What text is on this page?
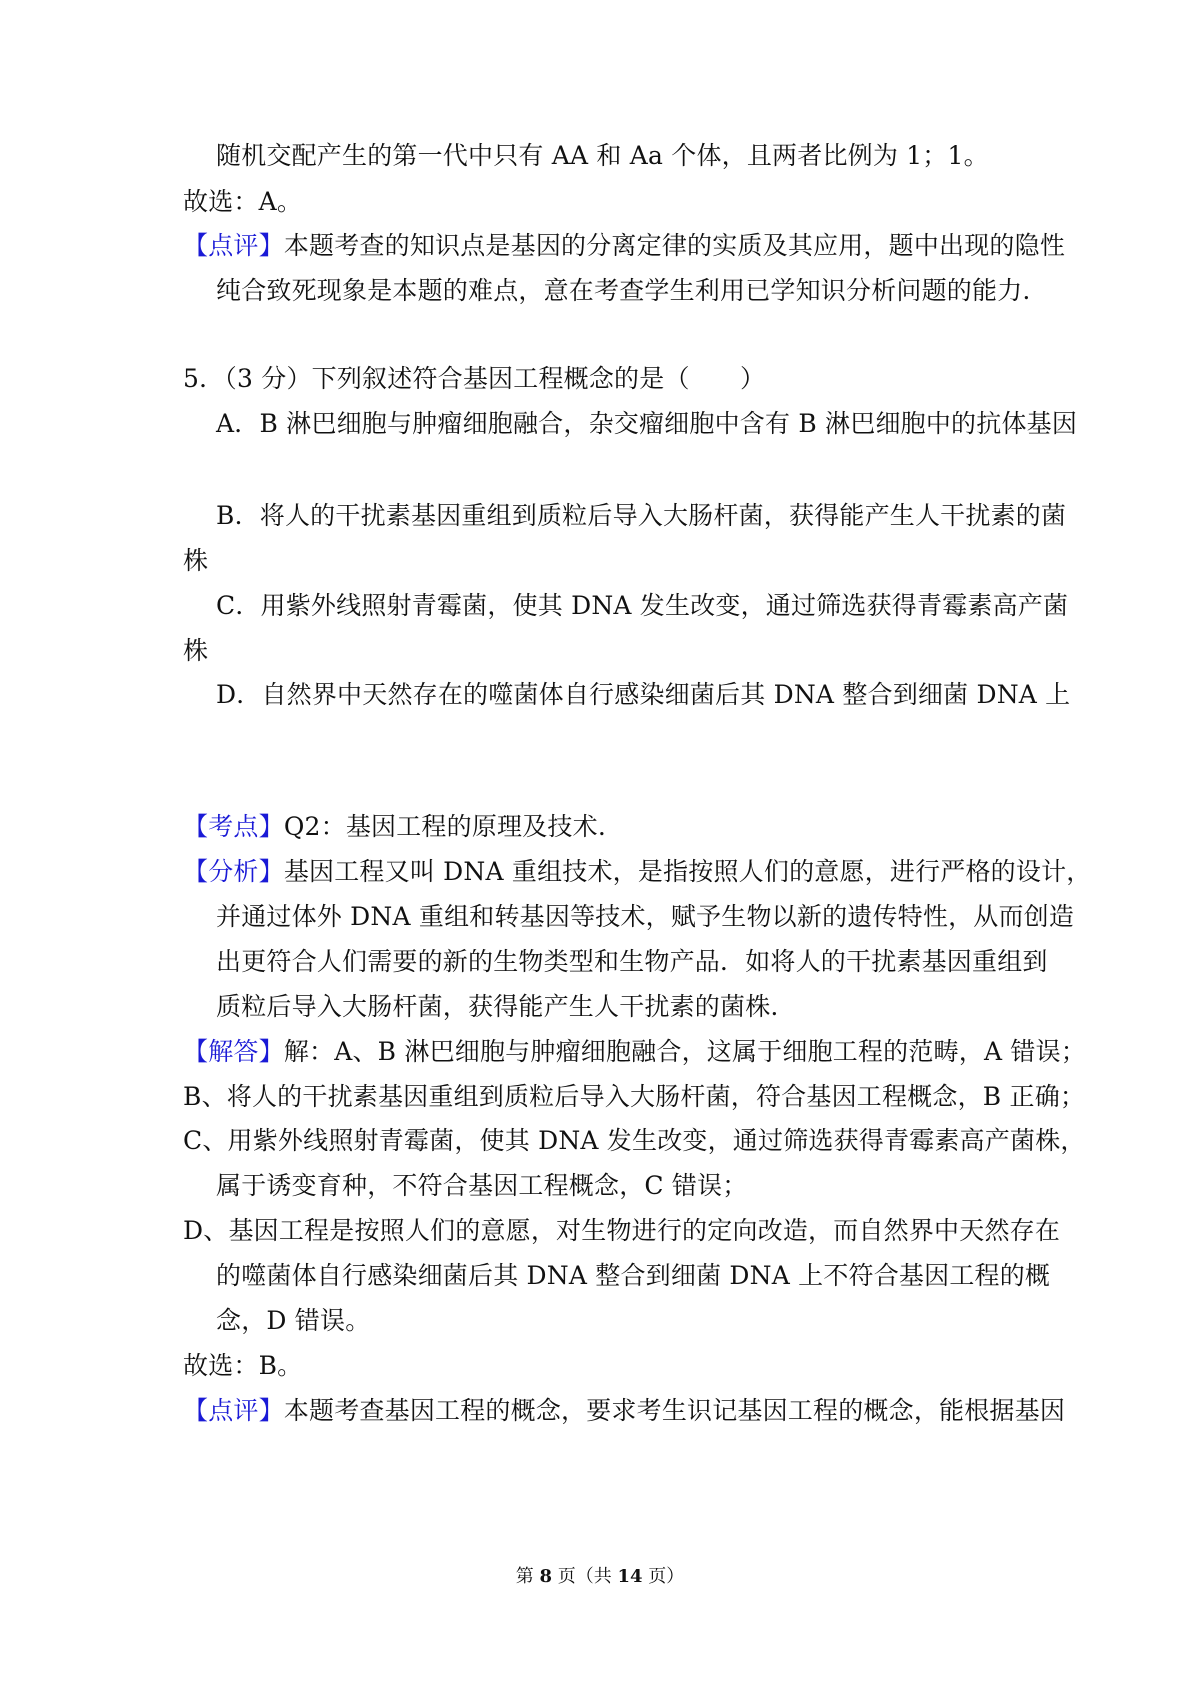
随机交配产生的第一代中只有 AA 和 Aa 个体，且两者比例为 1；1。
故选：A。
【点评】本题考查的知识点是基因的分离定律的实质及其应用，题中出现的隐性
纯合致死现象是本题的难点，意在考查学生利用已学知识分析问题的能力.
5．（3 分）下列叙述符合基因工程概念的是（　　）
A．B 淋巴细胞与肿瘤细胞融合，杂交瘤细胞中含有 B 淋巴细胞中的抗体基因
B．将人的干扰素基因重组到质粒后导入大肠杆菌，获得能产生人干扰素的菌
株
C．用紫外线照射青霉菌，使其 DNA 发生改变，通过筛选获得青霉素高产菌
株
D．自然界中天然存在的噬菌体自行感染细菌后其 DNA 整合到细菌 DNA 上
【考点】Q2：基因工程的原理及技术.
【分析】基因工程又叫 DNA 重组技术，是指按照人们的意愿，进行严格的设计，
并通过体外 DNA 重组和转基因等技术，赋予生物以新的遗传特性，从而创造
出更符合人们需要的新的生物类型和生物产品．如将人的干扰素基因重组到
质粒后导入大肠杆菌，获得能产生人干扰素的菌株.
【解答】解：A、B 淋巴细胞与肿瘤细胞融合，这属于细胞工程的范畴，A 错误；
B、将人的干扰素基因重组到质粒后导入大肠杆菌，符合基因工程概念，B 正确；
C、用紫外线照射青霉菌，使其 DNA 发生改变，通过筛选获得青霉素高产菌株，
属于诱变育种，不符合基因工程概念，C 错误；
D、基因工程是按照人们的意愿，对生物进行的定向改造，而自然界中天然存在
的噬菌体自行感染细菌后其 DNA 整合到细菌 DNA 上不符合基因工程的概
念，D 错误。
故选：B。
【点评】本题考查基因工程的概念，要求考生识记基因工程的概念，能根据基因
第 8 页（共 14 页）
